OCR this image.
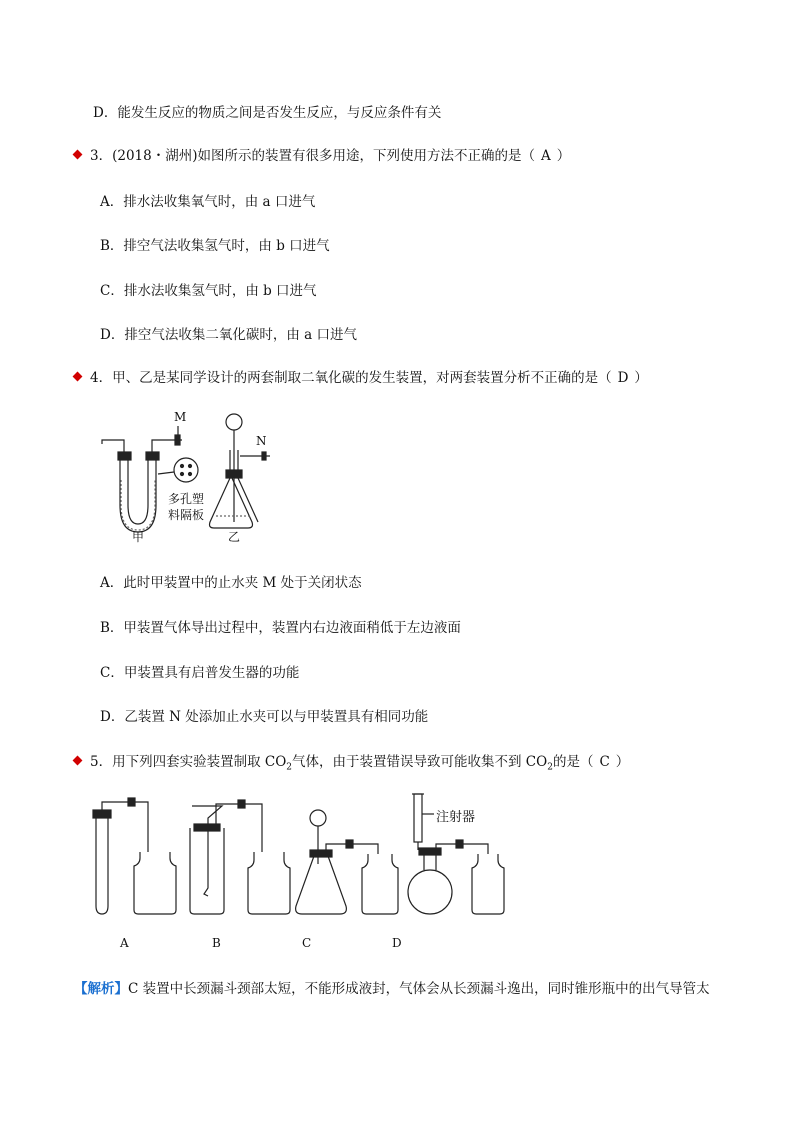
D．能发生反应的物质之间是否发生反应，与反应条件有关
3．(2018・湖州)如图所示的装置有很多用途，下列使用方法不正确的是（ A ）
A．排水法收集氧气时，由 a 口进气
B．排空气法收集氢气时，由 b 口进气
C．排水法收集氢气时，由 b 口进气
D．排空气法收集二氧化碳时，由 a 口进气
4．甲、乙是某同学设计的两套制取二氧化碳的发生装置，对两套装置分析不正确的是（ D ）
M
N
多孔塑
料隔板
甲	乙
A．此时甲装置中的止水夹 M 处于关闭状态
B．甲装置气体导出过程中，装置内右边液面稍低于左边液面
C．甲装置具有启普发生器的功能
D．乙装置 N 处添加止水夹可以与甲装置具有相同功能
5．用下列四套实验装置制取 $CO_2$气体，由于装置错误导致可能收集不到 $CO_2$的是（ C ）
注射器
A	B	C	D
【解析】C 装置中长颈漏斗颈部太短，不能形成液封，气体会从长颈漏斗逸出，同时锥形瓶中的出气导管太
